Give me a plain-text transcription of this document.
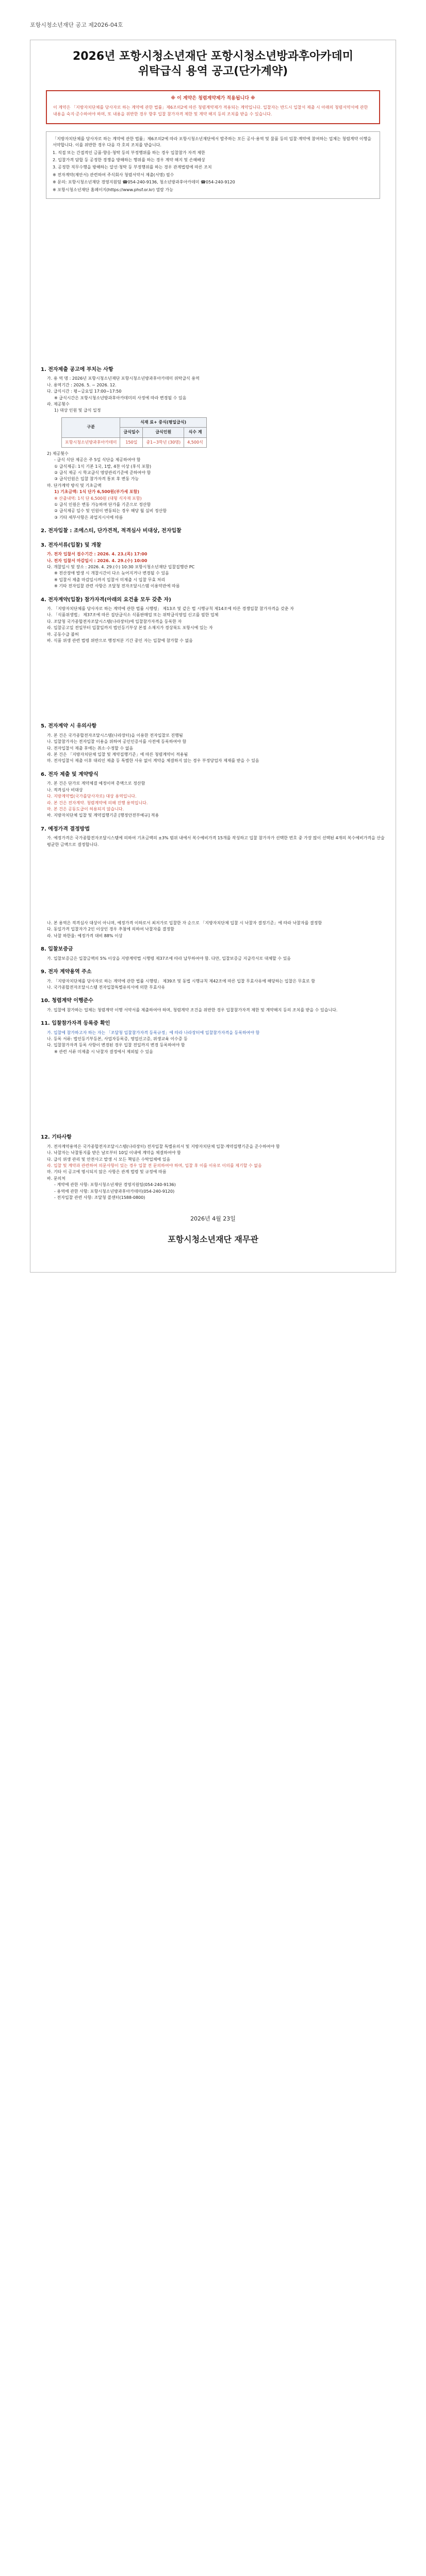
포항시청소년재단 공고 제2026-04호
2026년 포항시청소년재단 포항시청소년방과후아카데미
위탁급식 용역 공고(단가계약)
※ 이 계약은 청렴계약제가 적용됩니다 ※
이 계약은 「지방자치단체를 당사자로 하는 계약에 관한 법률」제6조의2에 따른 청렴계약제가 적용되는 계약입니다. 입찰자는 반드시 입찰서 제출 시 아래의 청렴서약서에 관한 내용을 숙지·준수하여야 하며, 또 내용을 위반한 경우 향후 입찰 참가자격 제한 및 계약 해지 등의 조치를 받을 수 있습니다.

「지방자치단체를 당사자로 하는 계약에 관한 법률」제6조의2에 따라 포항시청소년재단에서 발주하는 모든 공사·용역 및 물품 등의 입찰·계약에 참여하는 업체는 청렴계약 이행을 서약합니다. 이를 위반한 경우 다음 각 호의 조치를 받습니다.

1. 직접 또는 간접적인 금품·향응·청탁 등의 부정행위를 하는 경우 입찰참가 자격 제한

2. 입찰가격 담합 등 공정한 경쟁을 방해하는 행위를 하는 경우 계약 해지 및 손해배상

3. 공정한 직무수행을 방해하는 알선·청탁 등 부정행위를 하는 경우 관계법령에 따른 조치

※ 전자계약(제안서) 관련하여 주식회사 청렴서약서 제출(서명) 필수

※ 문의: 포항시청소년재단 경영지원팀 ☎054-240-9136, 청소년방과후아카데미 ☎054-240-9120

※ 포항시청소년재단 홈페이지(https://www.phsf.or.kr) 열람 가능

1. 전자제출 공고에 부치는 사항
가. 용 역 명 : 2026년 포항시청소년재단 포항시청소년방과후아카데미 위탁급식 용역
나. 용역기간 : 2026. 5. ~ 2026. 12.
다. 급식시간 : 평~금요일 17:00~17:50
※ 급식시간은 포항시청소년방과후아카데미의 사정에 따라 변경될 수 있음
라. 제공횟수
1) 대상 인원 및 급식 일정
구분	식재 료+ 중식(평일급식)		
	급식일수	급식인원	식수 계
포항시청소년방과후아카데미	150일	중1~3학년 (30명)	4,500식
2) 제공횟수
- 급식 식단 제공은 주 5일 식단을 제공하여야 함
① 급식제공: 1식 기본 1국, 1밥, 4찬 이상 (후식 포함)
② 급식 제공 시 학교급식 영양관리기준에 준하여야 함
③ 급식인원은 입찰 참가자격 통보 후 변동 가능
마. 단가계약 방식 및 기초금액
1) 기초금액: 1식 단가 6,500원(부가세 포함)
※ 산출내역: 1식 단 6,500원 (대형 식자재 포함)
① 급식 인원은 변동 가능하며 단가를 기준으로 정산함
② 급식제공 일수 및 인원이 변동되는 경우 해당 월 실비 정산함
③ 기타 세부사항은 과업지시서에 따름
2. 전자입찰 : 조에스티, 단가견적, 적격심사 비대상, 전자입찰
3. 전자서류(입찰) 및 개찰
가. 전자 입찰서 접수기간 : 2026. 4. 23.(목) 17:00
나. 전자 입찰서 마감일시 : 2026. 4. 29.(수) 10:00
다. 개찰일시 및 장소 : 2026. 4. 29.(수) 10:30 포항시청소년재단 입찰집행관 PC
※ 전산장애 발생 시 개찰시간이 다소 늦어지거나 변경될 수 있음
※ 입찰서 제출 마감일시까지 입찰서 미제출 시 입찰 무효 처리
※ 기타 전자입찰 관련 사항은 조달청 전자조달시스템 이용약관에 따름
4. 전자계약(입찰) 참가자격(아래의 요건을 모두 갖춘 자)
가. 「지방자치단체를 당사자로 하는 계약에 관한 법률 시행령」 제13조 및 같은 법 시행규칙 제14조에 따른 경쟁입찰 참가자격을 갖춘 자
나. 「식품위생법」 제37조에 따른 집단급식소 식품판매업 또는 위탁급식영업 신고를 필한 업체
다. 조달청 국가종합전자조달시스템(나라장터)에 입찰참가자격을 등록한 자
라. 입찰공고일 전일부터 입찰일까지 법인등기부상 본점 소재지가 경상북도 포항시에 있는 자
마. 공동수급 불허
바. 식품 위생 관련 법령 위반으로 행정처분 기간 중인 자는 입찰에 참가할 수 없음
5. 전자계약 시 유의사항
가. 본 건은 국가종합전자조달시스템(나라장터)을 이용한 전자입찰로 진행됨
나. 입찰참가자는 전자입찰 이용을 위하여 공인인증서를 사전에 등록하여야 함
다. 전자입찰서 제출 후에는 취소·수정할 수 없음
라. 본 건은 「지방자치단체 입찰 및 계약집행기준」에 따른 청렴계약이 적용됨
마. 전자입찰서 제출 이후 대리인 제출 등 특별한 사유 없이 계약을 체결하지 않는 경우 부정당업자 제재를 받을 수 있음
6. 전자 제출 및 계약방식
가. 본 건은 단가로 계약체결 예정이며 총액으로 정산함
나. 적격심사 비대상
다. 지방계약법(국가를당사자로) 대상 용역입니다.
라. 본 건은 전자계약. 청렴계약에 의해 진행 용역입니다.
마. 본 건은 공동도급이 허용되지 않습니다.
바. 지방자치단체 입찰 및 계약집행기준 [행정안전부예규] 적용
7. 예정가격 결정방법
가. 예정가격은 국가종합전자조달시스템에 의하여 기초금액의 ±3% 범위 내에서 복수예비가격 15개를 작성하고 입찰 참가자가 선택한 번호 중 가장 많이 선택된 4개의 복수예비가격을 산술평균한 금액으로 결정합니다.
나. 본 용역은 적격심사 대상이 아니며, 예정가격 이하로서 최저가로 입찰한 자 순으로 「지방자치단체 입찰 시 낙찰자 결정기준」에 따라 낙찰자를 결정함
다. 동일가격 입찰자가 2인 이상인 경우 추첨에 의하여 낙찰자를 결정함
라. 낙찰 하한율: 예정가격 대비 88% 이상
8. 입찰보증금
가. 입찰보증금은 입찰금액의 5% 이상을 지방계약법 시행령 제37조에 따라 납부하여야 함. 다만, 입찰보증금 지급각서로 대체할 수 있음
9. 전자 계약용역 주소
가. 「지방자치단체를 당사자로 하는 계약에 관한 법률 시행령」 제39조 및 동법 시행규칙 제42조에 따른 입찰 무효사유에 해당하는 입찰은 무효로 함
나. 국가종합전자조달시스템 전자입찰특별유의서에 의한 무효사유
10. 청렴계약 이행준수
가. 입찰에 참가하는 업체는 청렴계약 이행 서약서를 제출하여야 하며, 청렴계약 조건을 위반한 경우 입찰참가자격 제한 및 계약해지 등의 조치를 받을 수 있습니다.
11. 입찰참가자격 등록증 확인
가. 입찰에 참가하고자 하는 자는 「조달청 입찰참가자격 등록규정」에 따라 나라장터에 입찰참가자격을 등록하여야 함
나. 등록 서류: 법인등기부등본, 사업자등록증, 영업신고증, 위생교육 이수증 등
다. 입찰참가자격 등록 사항이 변경된 경우 입찰 전일까지 변경 등록하여야 함
※ 관련 서류 미제출 시 낙찰자 결정에서 제외될 수 있음
12. 기타사항
가. 전자계약용역은 국가종합전자조달시스템(나라장터) 전자입찰 특별유의서 및 지방자치단체 입찰·계약집행기준을 준수하여야 함
나. 낙찰자는 낙찰통지를 받은 날로부터 10일 이내에 계약을 체결하여야 함
다. 급식 위생 관리 및 안전사고 발생 시 모든 책임은 수탁업체에 있음
라. 입찰 및 계약과 관련하여 의문사항이 있는 경우 입찰 전 문의하여야 하며, 입찰 후 이를 이유로 이의를 제기할 수 없음
마. 기타 이 공고에 명시되지 않은 사항은 관계 법령 및 규정에 따름
바. 문의처
- 계약에 관한 사항: 포항시청소년재단 경영지원팀(054-240-9136)
- 용역에 관한 사항: 포항시청소년방과후아카데미(054-240-9120)
- 전자입찰 관련 사항: 조달청 콜센터(1588-0800)
2026년 4월 23일
포항시청소년재단 재무관
